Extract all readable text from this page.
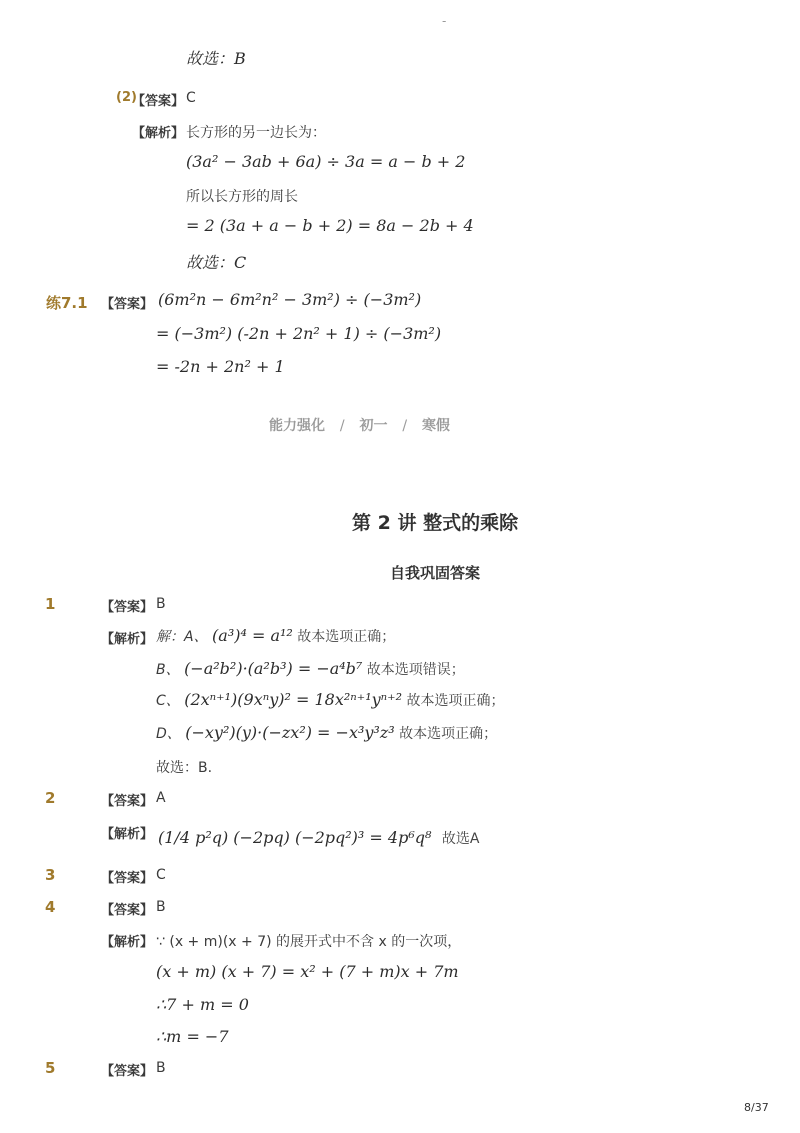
-
故选：B
(2)
【答案】 C
【解析】 长方形的另一边长为：
(3a² − 3ab + 6a) ÷ 3a = a − b + 2
所以长方形的周长
= 2 (3a + a − b + 2) = 8a − 2b + 4
故选：C
练7.1 【答案】 (6m²n − 6m²n² − 3m²) ÷ (−3m²)
= (−3m²) (-2n + 2n² + 1) ÷ (−3m²)
= -2n + 2n² + 1
能力强化 / 初一 / 寒假
第 2 讲 整式的乘除
自我巩固答案
1	【答案】 B
【解析】 解：A、 (a³)⁴ = a¹² 故本选项正确；
B、 (−a²b²)·(a²b³) = −a⁴b⁷ 故本选项错误；
C、 (2xⁿ⁺¹)(9xⁿy)² = 18x²ⁿ⁺¹yⁿ⁺² 故本选项正确；
D、 (−xy²)(y)·(−zx²) = −x³y³z³ 故本选项正确；
故选：B.
2	【答案】 A
【解析】 (1/4 p²q) (−2pq) (−2pq²)³ = 4p⁶q⁸ 故选A
3	【答案】 C
4	【答案】 B
【解析】 ∵ (x + m)(x + 7) 的展开式中不含 x 的一次项，
(x + m) (x + 7) = x² + (7 + m)x + 7m
∴7 + m = 0
∴m = −7
5	【答案】 B
8/37
